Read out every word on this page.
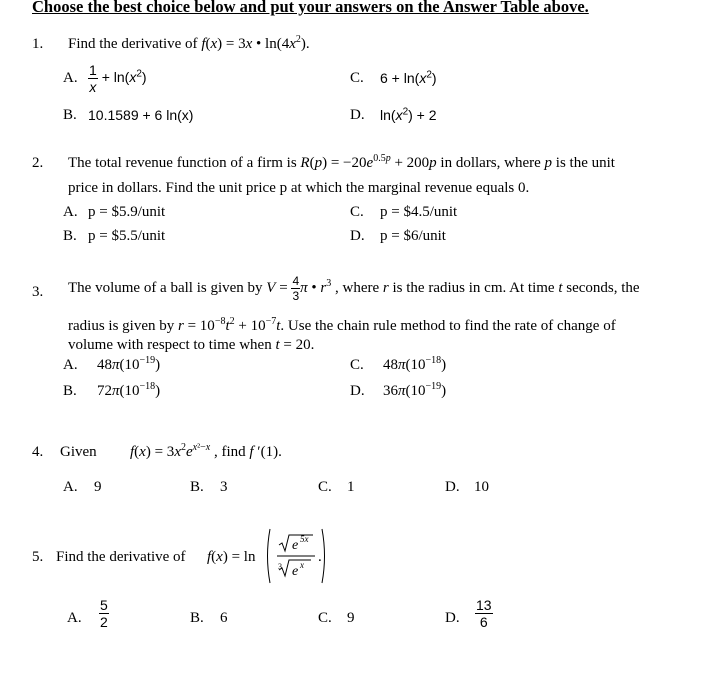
Choose the best choice below and put your answers on the Answer Table above.
1. Find the derivative of f(x) = 3x • $\ln(4x^2)$.
A. $\frac{1}{x} + \ln(x^2)$	C. $6 + \ln(x^2)$
B. 10.1589 + 6 ln(x)	D. $\ln(x^2) + 2$
2. The total revenue function of a firm is $R(p) = -20e^{0.5p} + 200p$ in dollars, where p is the unit
price in dollars. Find the unit price p at which the marginal revenue equals 0.
A. p = $5.9/unit	C. p = $4.5/unit
B. p = $5.5/unit	D. p = $6/unit
3. The volume of a ball is given by $V = \frac{4}{3}$ π • $r^3$ , where r is the radius in cm. At time t seconds, the
radius is given by $r = 10^{-8}t^2 + 10^{-7}t$. Use the chain rule method to find the rate of change of
volume with respect to time when t = 20.
A. $48\pi(10^{-19})$	C. $48\pi(10^{-18})$
B. $72\pi(10^{-18})$	D. $36\pi(10^{-19})$
4. Given $f(x) = 3x^2e^{x^2-x}$ , find f ′(1).
A. 9	B. 3	C. 1	D. 10
5. Find the derivative of f(x) = ln
e 5x
3 e x .
A. $\frac{5}{2}$	B. 6	C. 9	D. $\frac{13}{6}$
